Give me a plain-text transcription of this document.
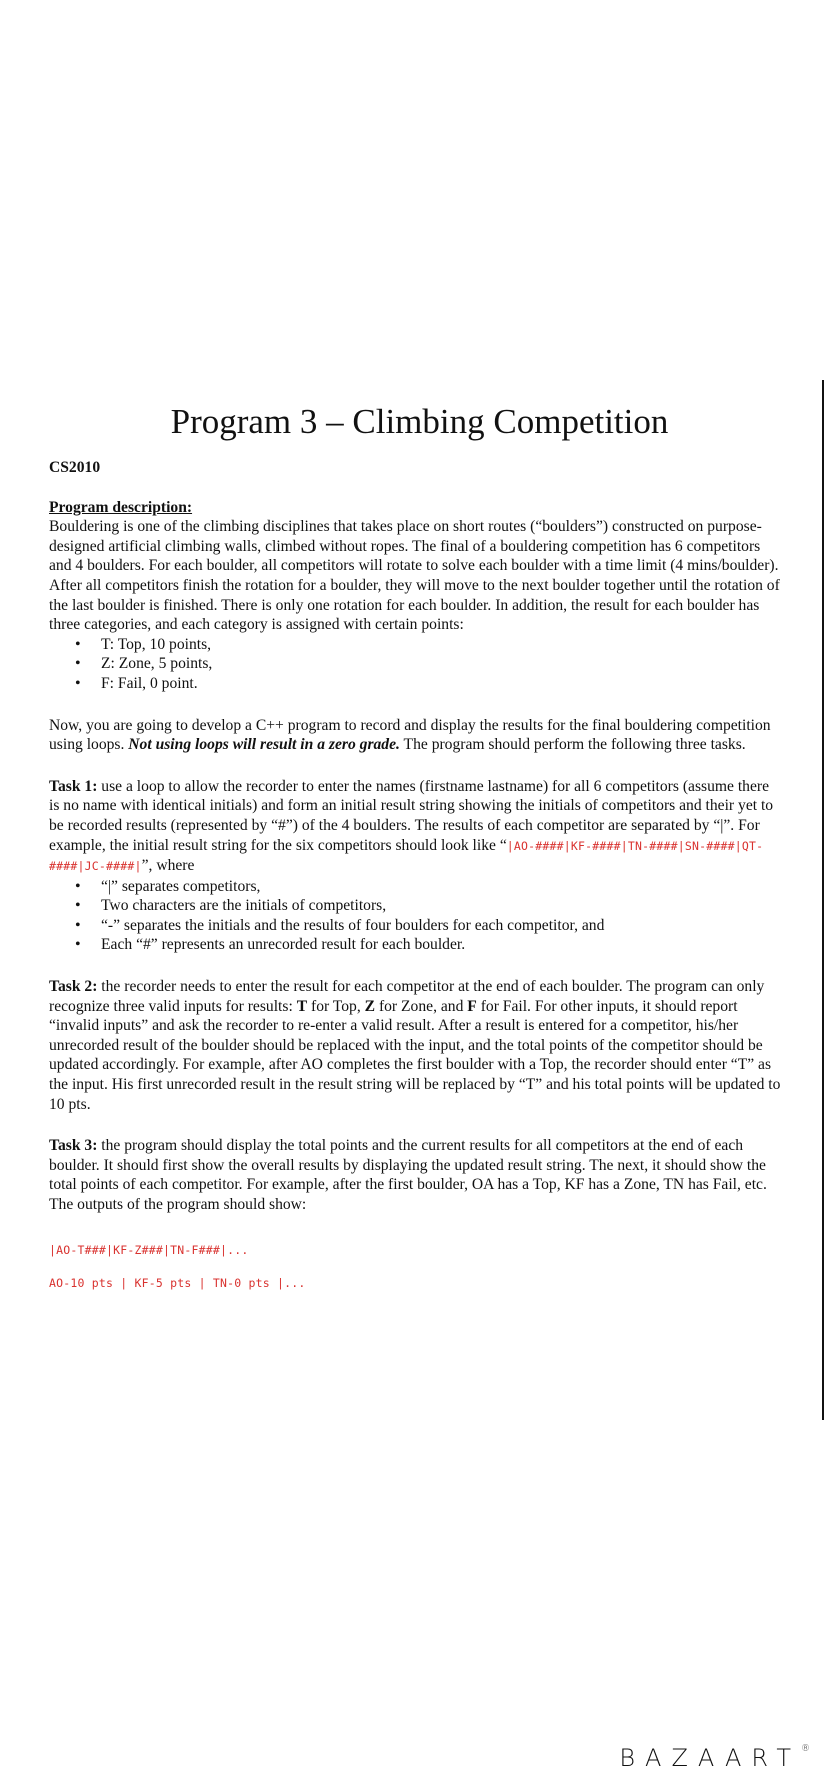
Program 3 – Climbing Competition

CS2010

Program description:

Bouldering is one of the climbing disciplines that takes place on short routes (“boulders”) constructed on purpose-designed artificial climbing walls, climbed without ropes. The final of a bouldering competition has 6 competitors and 4 boulders. For each boulder, all competitors will rotate to solve each boulder with a time limit (4 mins/boulder). After all competitors finish the rotation for a boulder, they will move to the next boulder together until the rotation of the last boulder is finished. There is only one rotation for each boulder. In addition, the result for each boulder has three categories, and each category is assigned with certain points:

• T: Top, 10 points,
• Z: Zone, 5 points,
• F: Fail, 0 point.

Now, you are going to develop a C++ program to record and display the results for the final bouldering competition using loops. Not using loops will result in a zero grade. The program should perform the following three tasks.

Task 1: use a loop to allow the recorder to enter the names (firstname lastname) for all 6 competitors (assume there is no name with identical initials) and form an initial result string showing the initials of competitors and their yet to be recorded results (represented by “#”) of the 4 boulders. The results of each competitor are separated by “|”. For example, the initial result string for the six competitors should look like “|AO-####|KF-####|TN-####|SN-####|QT-####|JC-####|”, where

• “|” separates competitors,
• Two characters are the initials of competitors,
• “-” separates the initials and the results of four boulders for each competitor, and
• Each “#” represents an unrecorded result for each boulder.

Task 2: the recorder needs to enter the result for each competitor at the end of each boulder. The program can only recognize three valid inputs for results: T for Top, Z for Zone, and F for Fail. For other inputs, it should report “invalid inputs” and ask the recorder to re-enter a valid result. After a result is entered for a competitor, his/her unrecorded result of the boulder should be replaced with the input, and the total points of the competitor should be updated accordingly. For example, after AO completes the first boulder with a Top, the recorder should enter “T” as the input. His first unrecorded result in the result string will be replaced by “T” and his total points will be updated to 10 pts.

Task 3: the program should display the total points and the current results for all competitors at the end of each boulder. It should first show the overall results by displaying the updated result string. The next, it should show the total points of each competitor. For example, after the first boulder, OA has a Top, KF has a Zone, TN has Fail, etc. The outputs of the program should show:

|AO-T###|KF-Z###|TN-F###|...

AO-10 pts | KF-5 pts | TN-0 pts |...

BAZAART®
